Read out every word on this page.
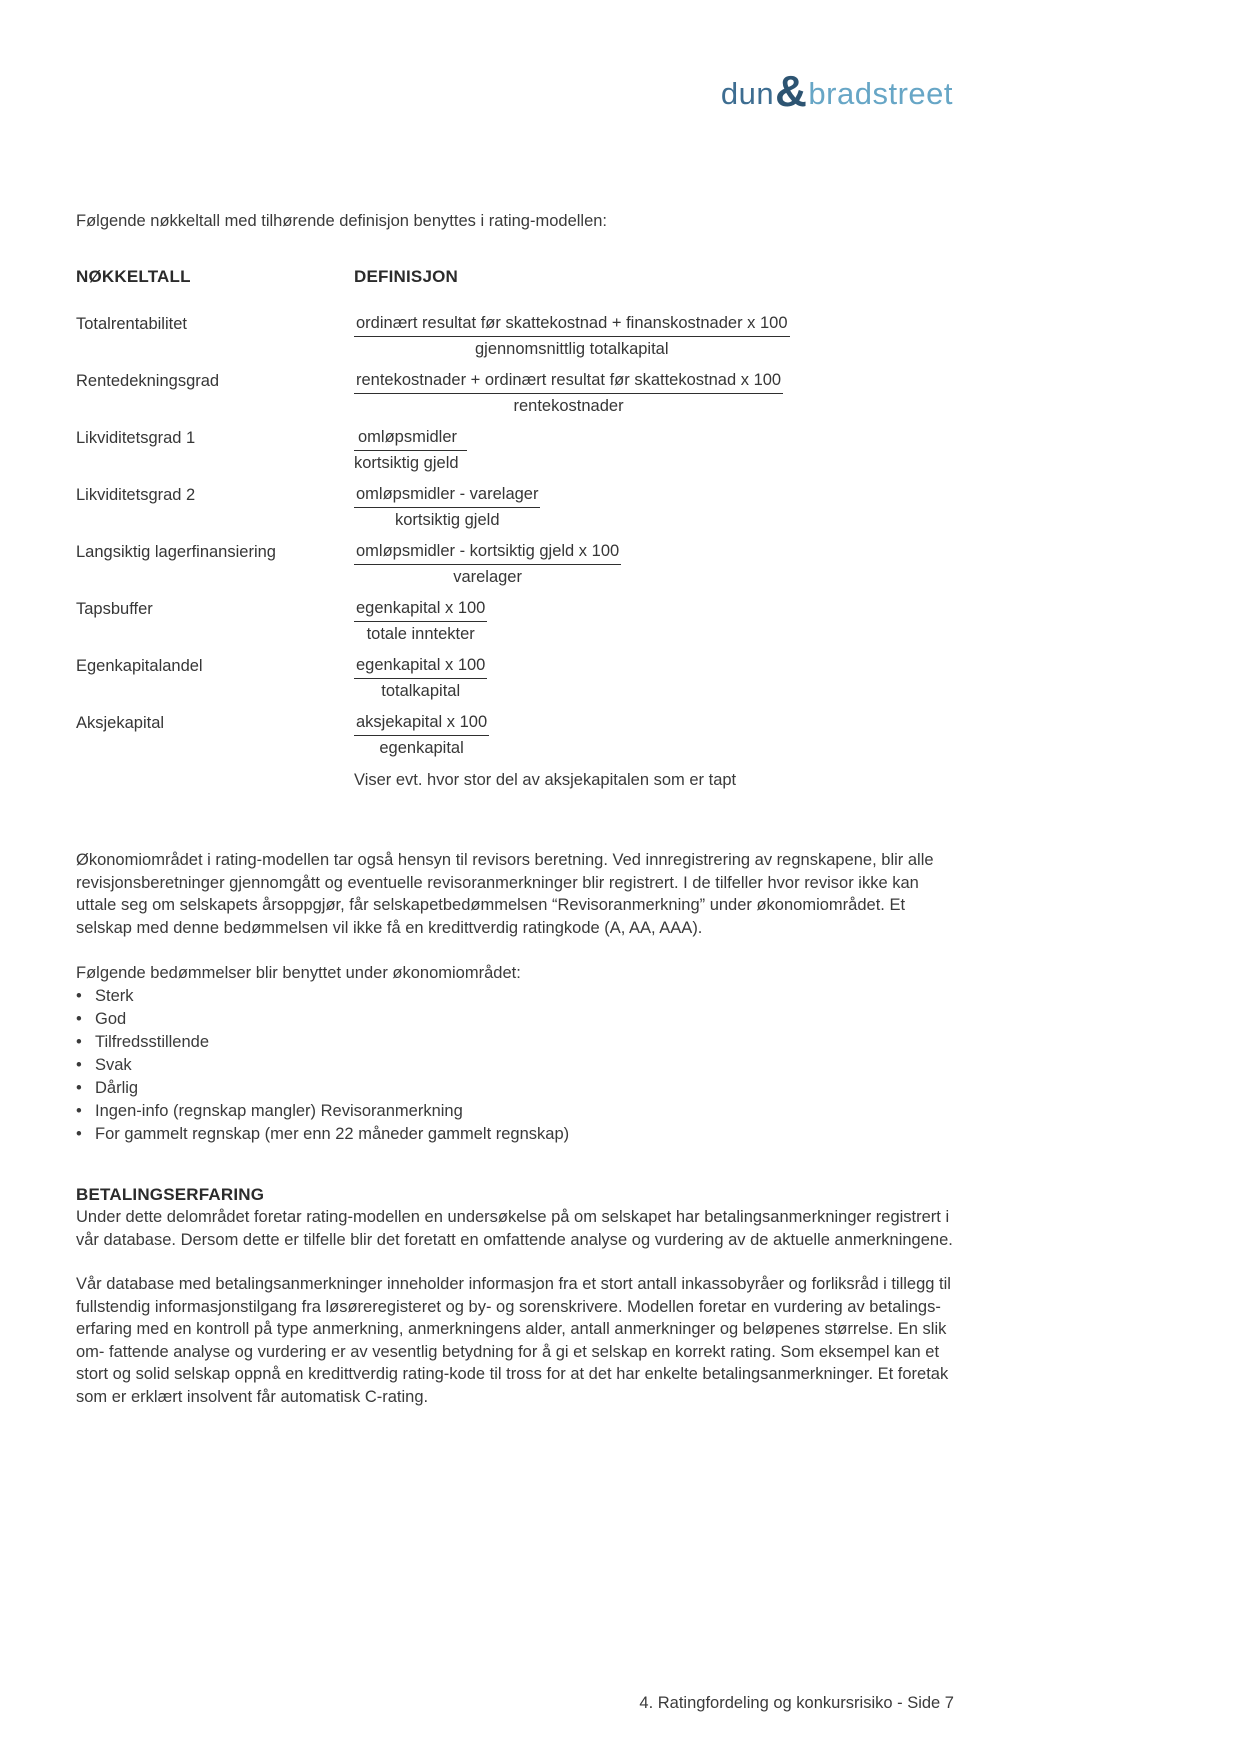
dun & bradstreet

Følgende nøkkeltall med tilhørende definisjon benyttes i rating-modellen:

NØKKELTALL	DEFINISJON
Totalrentabilitet	$\frac{\text{ordinært resultat før skattekostnad + finanskostnader x 100}}{\text{gjennomsnittlig totalkapital}}$
Rentedekningsgrad	$\frac{\text{rentekostnader + ordinært resultat før skattekostnad x 100}}{\text{rentekostnader}}$
Likviditetsgrad 1	$\frac{\text{omløpsmidler}}{\text{kortsiktig gjeld}}$
Likviditetsgrad 2	$\frac{\text{omløpsmidler - varelager}}{\text{kortsiktig gjeld}}$
Langsiktig lagerfinansiering	$\frac{\text{omløpsmidler - kortsiktig gjeld x 100}}{\text{varelager}}$
Tapsbuffer	$\frac{\text{egenkapital x 100}}{\text{totale inntekter}}$
Egenkapitalandel	$\frac{\text{egenkapital x 100}}{\text{totalkapital}}$
Aksjekapital	$\frac{\text{aksjekapital x 100}}{\text{egenkapital}}$
Viser evt. hvor stor del av aksjekapitalen som er tapt

Økonomiområdet i rating-modellen tar også hensyn til revisors beretning. Ved innregistrering av regnskapene, blir alle revisjonsberetninger gjennomgått og eventuelle revisoranmerkninger blir registrert. I de tilfeller hvor revisor ikke kan uttale seg om selskapets årsoppgjør, får selskapetbedømmelsen “Revisoranmerkning” under økonomiområdet. Et selskap med denne bedømmelsen vil ikke få en kredittverdig ratingkode (A, AA, AAA).

Følgende bedømmelser blir benyttet under økonomiområdet:

• Sterk
• God
• Tilfredsstillende
• Svak
• Dårlig
• Ingen-info (regnskap mangler) Revisoranmerkning
• For gammelt regnskap (mer enn 22 måneder gammelt regnskap)
BETALINGSERFARING

Under dette delområdet foretar rating-modellen en undersøkelse på om selskapet har betalingsanmerkninger registrert i vår database. Dersom dette er tilfelle blir det foretatt en omfattende analyse og vurdering av de aktuelle anmerkningene.

Vår database med betalingsanmerkninger inneholder informasjon fra et stort antall inkassobyråer og forliksråd i tillegg til fullstendig informasjonstilgang fra løsøreregisteret og by- og sorenskrivere. Modellen foretar en vurdering av betalings- erfaring med en kontroll på type anmerkning, anmerkningens alder, antall anmerkninger og beløpenes størrelse. En slik om- fattende analyse og vurdering er av vesentlig betydning for å gi et selskap en korrekt rating. Som eksempel kan et stort og solid selskap oppnå en kredittverdig rating-kode til tross for at det har enkelte betalingsanmerkninger. Et foretak som er erklært insolvent får automatisk C-rating.

4. Ratingfordeling og konkursrisiko - Side 7
